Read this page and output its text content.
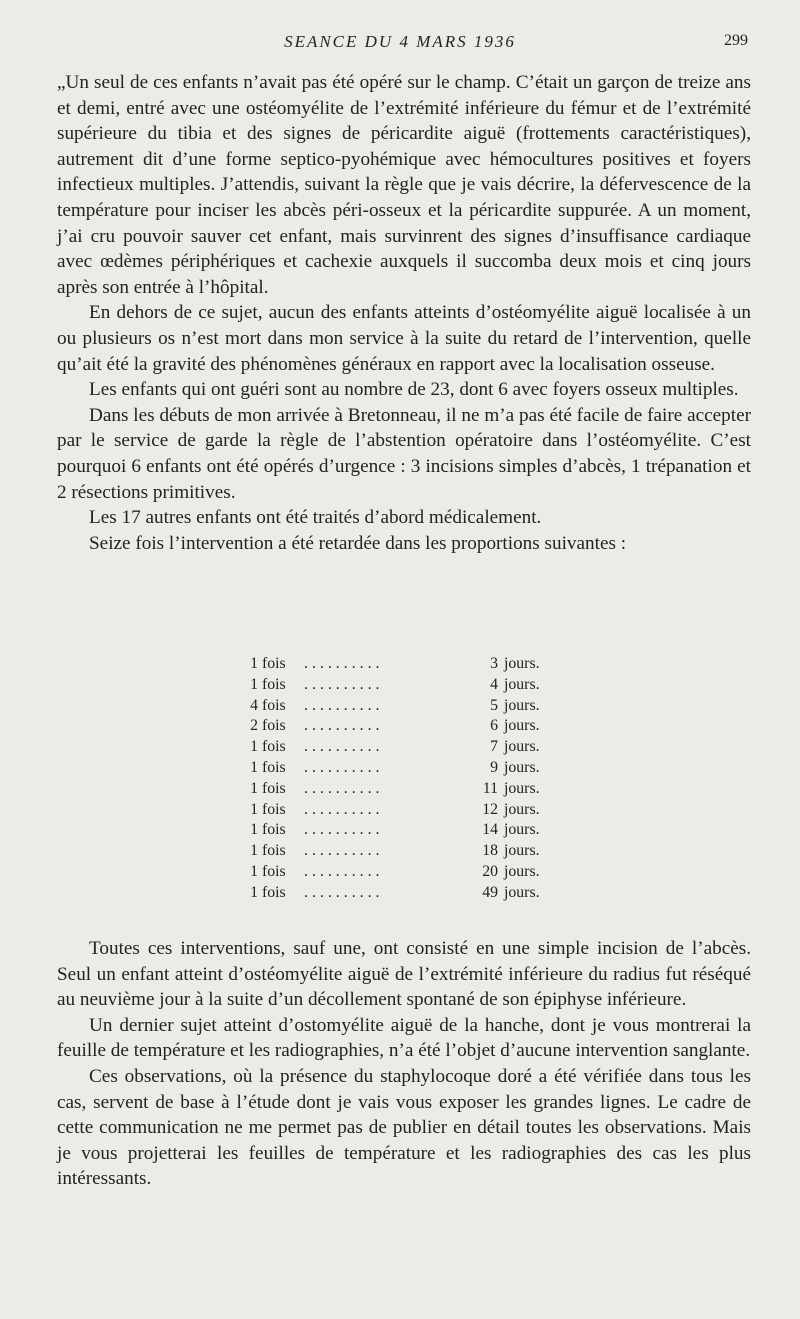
SEANCE DU 4 MARS 1936	299

„Un seul de ces enfants n’avait pas été opéré sur le champ. C’était un garçon de treize ans et demi, entré avec une ostéomyélite de l’extrémité inférieure du fémur et de l’extrémité supérieure du tibia et des signes de péricardite aiguë (frottements caractéristiques), autrement dit d’une forme septico-pyohémique avec hémocultures positives et foyers infectieux multiples. J’attendis, suivant la règle que je vais décrire, la défervescence de la température pour inciser les abcès péri-osseux et la péricardite suppurée. A un moment, j’ai cru pouvoir sauver cet enfant, mais survinrent des signes d’insuffisance cardiaque avec œdèmes périphériques et cachexie auxquels il succomba deux mois et cinq jours après son entrée à l’hôpital.

En dehors de ce sujet, aucun des enfants atteints d’ostéomyélite aiguë localisée à un ou plusieurs os n’est mort dans mon service à la suite du retard de l’intervention, quelle qu’ait été la gravité des phénomènes généraux en rapport avec la localisation osseuse.

Les enfants qui ont guéri sont au nombre de 23, dont 6 avec foyers osseux multiples.

Dans les débuts de mon arrivée à Bretonneau, il ne m’a pas été facile de faire accepter par le service de garde la règle de l’abstention opératoire dans l’ostéomyélite. C’est pourquoi 6 enfants ont été opérés d’urgence : 3 incisions simples d’abcès, 1 trépanation et 2 résections primitives.

Les 17 autres enfants ont été traités d’abord médicalement.

Seize fois l’intervention a été retardée dans les proportions suivantes :

1 fois	..........	3 jours.
1 fois	..........	4 jours.
4 fois	..........	5 jours.
2 fois	..........	6 jours.
1 fois	..........	7 jours.
1 fois	..........	9 jours.
1 fois	..........	11 jours.
1 fois	..........	12 jours.
1 fois	..........	14 jours.
1 fois	..........	18 jours.
1 fois	..........	20 jours.
1 fois	..........	49 jours.

Toutes ces interventions, sauf une, ont consisté en une simple incision de l’abcès. Seul un enfant atteint d’ostéomyélite aiguë de l’extrémité inférieure du radius fut réséqué au neuvième jour à la suite d’un décollement spontané de son épiphyse inférieure.

Un dernier sujet atteint d’ostomyélite aiguë de la hanche, dont je vous montrerai la feuille de température et les radiographies, n’a été l’objet d’aucune intervention sanglante.

Ces observations, où la présence du staphylocoque doré a été vérifiée dans tous les cas, servent de base à l’étude dont je vais vous exposer les grandes lignes. Le cadre de cette communication ne me permet pas de publier en détail toutes les observations. Mais je vous projetterai les feuilles de température et les radiographies des cas les plus intéressants.
